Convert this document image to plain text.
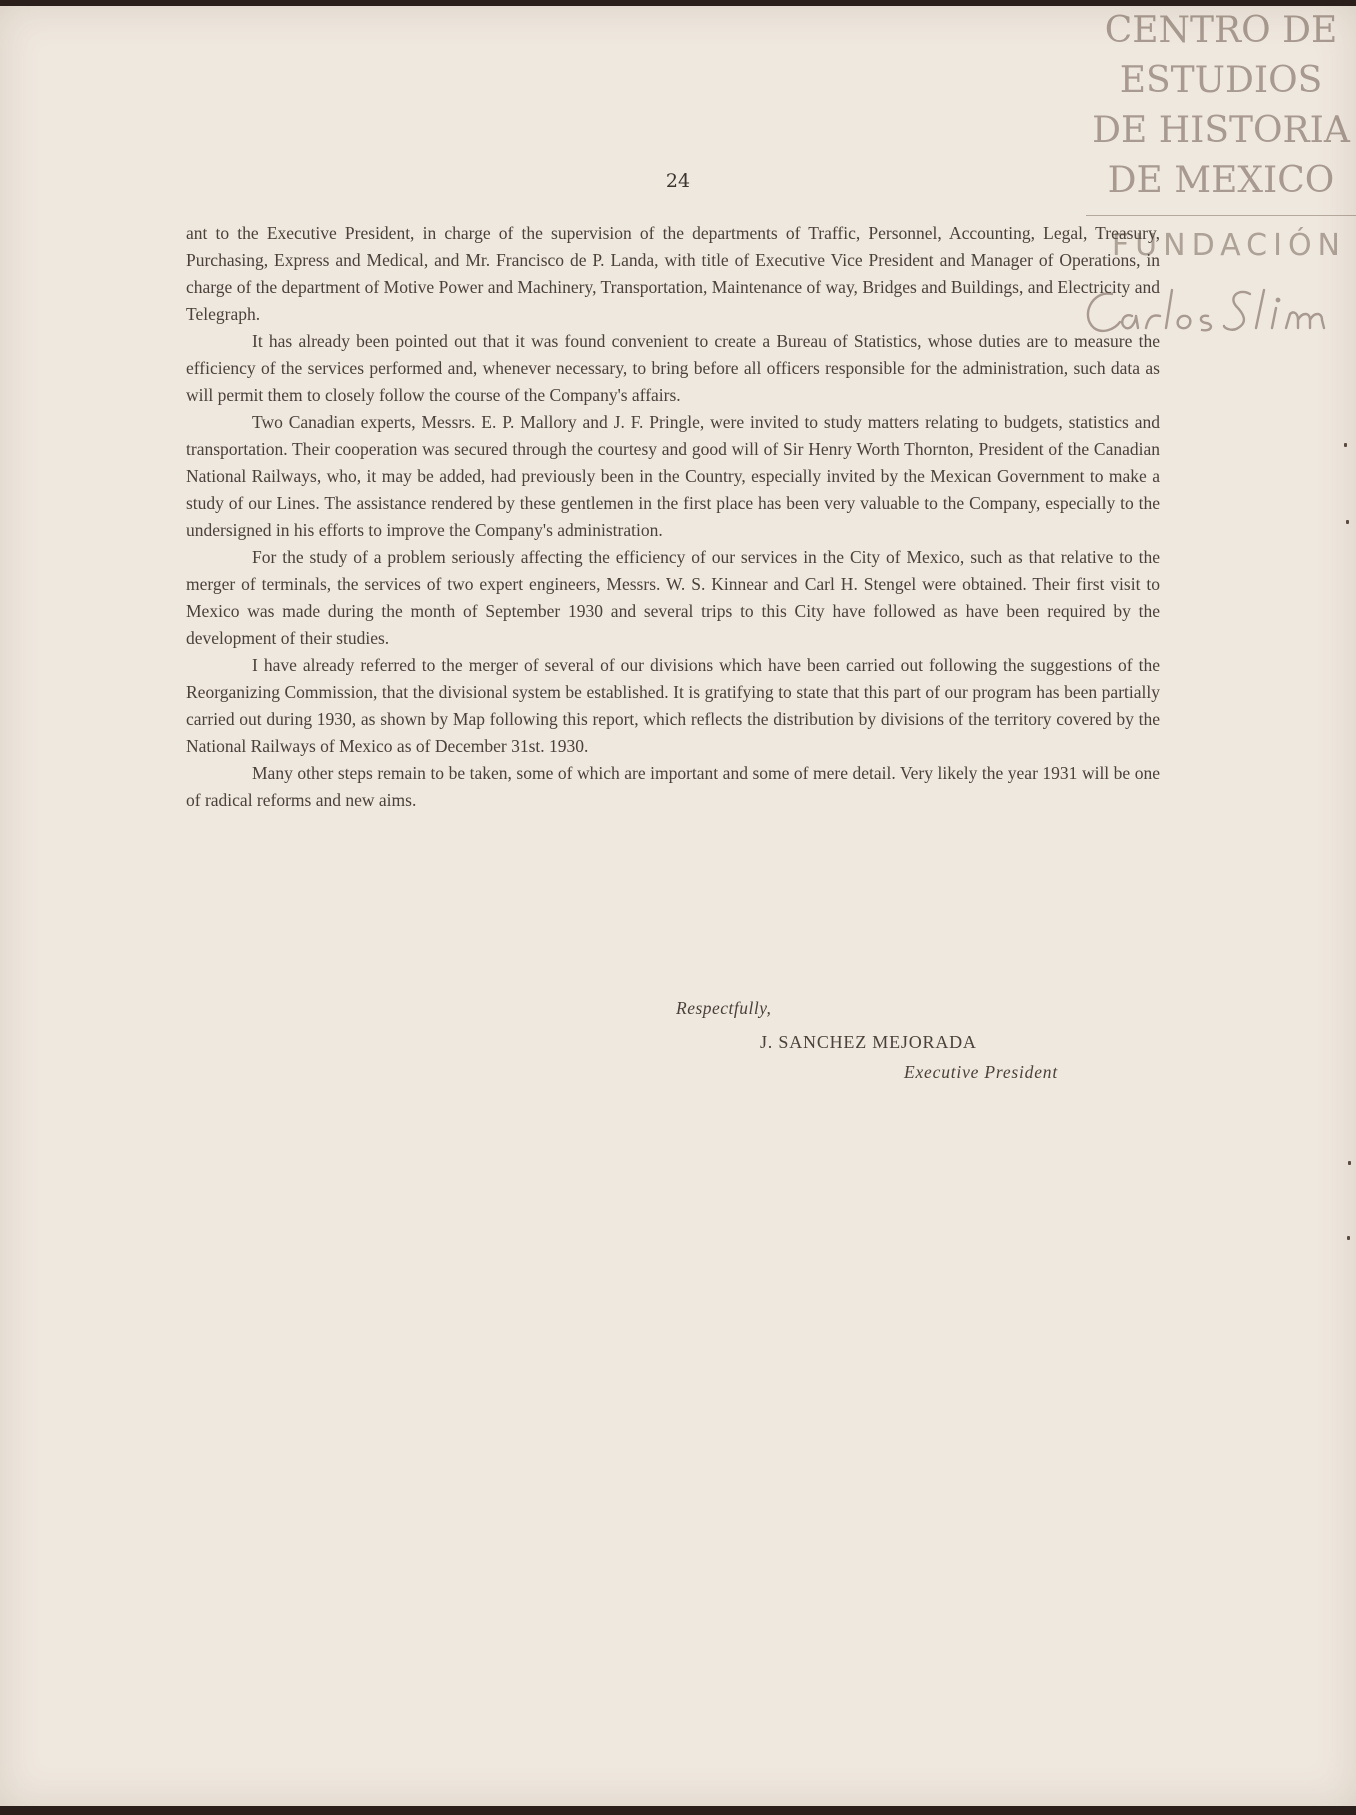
CENTRO DE
ESTUDIOS
DE HISTORIA
DE MEXICO
FUNDACIÓN
24

ant to the Executive President, in charge of the supervision of the departments of Traffic, Personnel, Accounting, Legal, Treasury, Purchasing, Express and Medical, and Mr. Francisco de P. Landa, with title of Executive Vice President and Manager of Operations, in charge of the department of Motive Power and Machinery, Transportation, Maintenance of way, Bridges and Buildings, and Electricity and Telegraph.

It has already been pointed out that it was found convenient to create a Bureau of Statistics, whose duties are to measure the efficiency of the services performed and, whenever necessary, to bring before all officers responsible for the administration, such data as will permit them to closely follow the course of the Company's affairs.

Two Canadian experts, Messrs. E. P. Mallory and J. F. Pringle, were invited to study matters relating to budgets, statistics and transportation. Their cooperation was secured through the courtesy and good will of Sir Henry Worth Thornton, President of the Canadian National Railways, who, it may be added, had previously been in the Country, especially invited by the Mexican Government to make a study of our Lines. The assistance rendered by these gentlemen in the first place has been very valuable to the Company, especially to the undersigned in his efforts to improve the Company's administration.

For the study of a problem seriously affecting the efficiency of our services in the City of Mexico, such as that relative to the merger of terminals, the services of two expert engineers, Messrs. W. S. Kinnear and Carl H. Stengel were obtained. Their first visit to Mexico was made during the month of September 1930 and several trips to this City have followed as have been required by the development of their studies.

I have already referred to the merger of several of our divisions which have been carried out following the suggestions of the Reorganizing Commission, that the divisional system be established. It is gratifying to state that this part of our program has been partially carried out during 1930, as shown by Map following this report, which reflects the distribution by divisions of the territory covered by the National Railways of Mexico as of December 31st. 1930.

Many other steps remain to be taken, some of which are important and some of mere detail. Very likely the year 1931 will be one of radical reforms and new aims.

Respectfully,
J. SANCHEZ MEJORADA
Executive President
